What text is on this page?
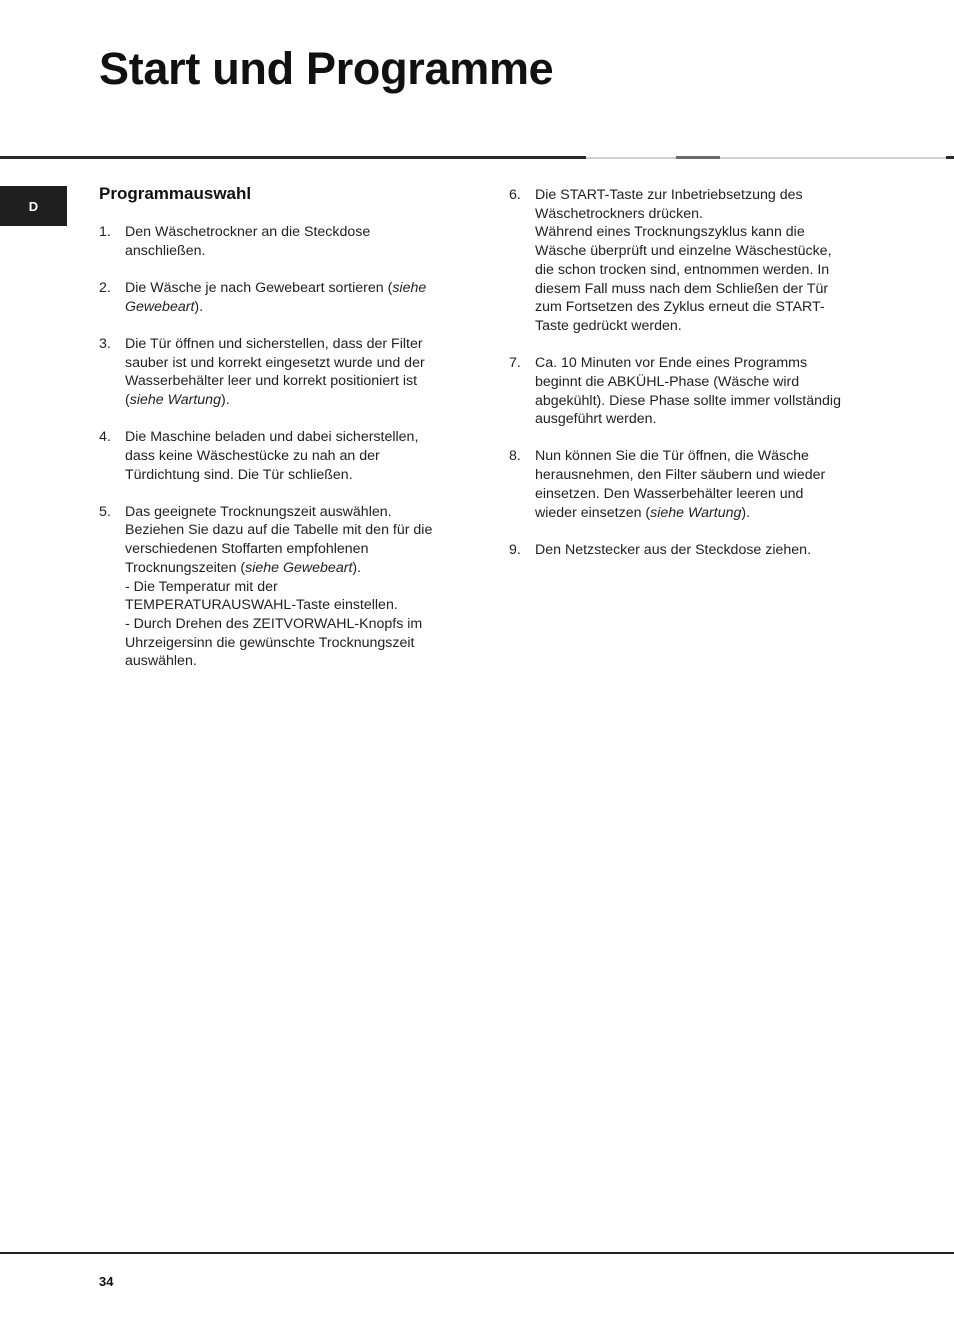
Start und Programme
D
Programmauswahl
1. Den Wäschetrockner an die Steckdose
anschließen.
2. Die Wäsche je nach Gewebeart sortieren (siehe
Gewebeart).
3. Die Tür öffnen und sicherstellen, dass der Filter
sauber ist und korrekt eingesetzt wurde und der
Wasserbehälter leer und korrekt positioniert ist
(siehe Wartung).
4. Die Maschine beladen und dabei sicherstellen,
dass keine Wäschestücke zu nah an der
Türdichtung sind. Die Tür schließen.
5. Das geeignete Trocknungszeit auswählen.
Beziehen Sie dazu auf die Tabelle mit den für die
verschiedenen Stoffarten empfohlenen
Trocknungszeiten (siehe Gewebeart).
- Die Temperatur mit der
TEMPERATURAUSWAHL-Taste einstellen.
- Durch Drehen des ZEITVORWAHL-Knopfs im
Uhrzeigersinn die gewünschte Trocknungszeit
auswählen.
6. Die START-Taste zur Inbetriebsetzung des
Wäschetrockners drücken.
Während eines Trocknungszyklus kann die
Wäsche überprüft und einzelne Wäschestücke,
die schon trocken sind, entnommen werden. In
diesem Fall muss nach dem Schließen der Tür
zum Fortsetzen des Zyklus erneut die START-
Taste gedrückt werden.
7. Ca. 10 Minuten vor Ende eines Programms
beginnt die ABKÜHL-Phase (Wäsche wird
abgekühlt). Diese Phase sollte immer vollständig
ausgeführt werden.
8. Nun können Sie die Tür öffnen, die Wäsche
herausnehmen, den Filter säubern und wieder
einsetzen. Den Wasserbehälter leeren und
wieder einsetzen (siehe Wartung).
9. Den Netzstecker aus der Steckdose ziehen.
34
